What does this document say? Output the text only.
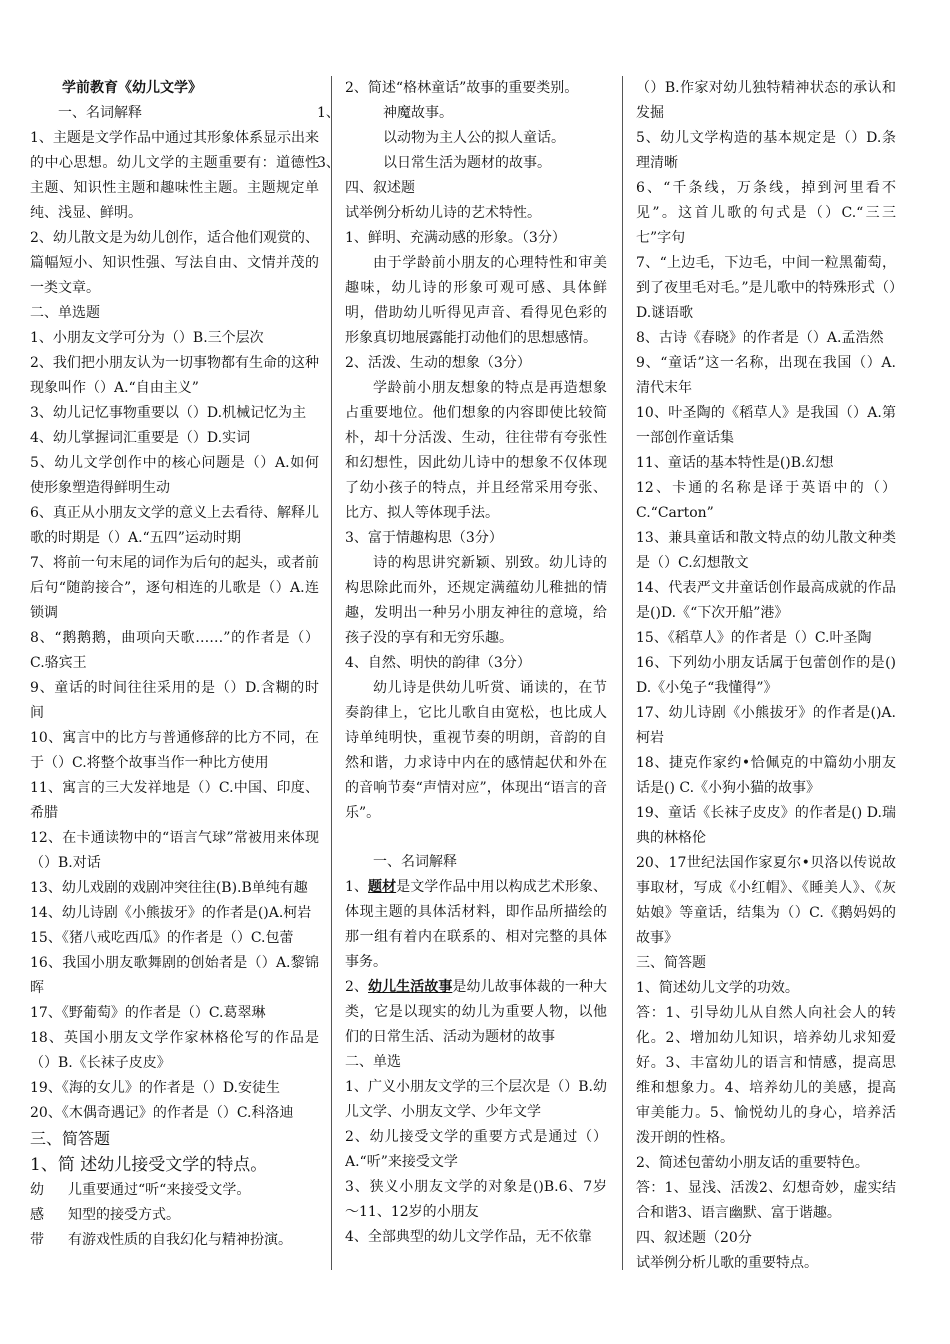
学前教育《幼儿文学》

一、名词解释

1、主题是文学作品中通过其形象体系显示出来的中心思想。幼儿文学的主题重要有：道德性主题、知识性主题和趣味性主题。主题规定单纯、浅显、鲜明。

2、幼儿散文是为幼儿创作，适合他们观赏的、篇幅短小、知识性强、写法自由、文情并茂的一类文章。

二、单选题

1、小朋友文学可分为（）B.三个层次

2、我们把小朋友认为一切事物都有生命的这种现象叫作（）A.“自由主义”

3、幼儿记忆事物重要以（）D.机械记忆为主

4、幼儿掌握词汇重要是（）D.实词

5、幼儿文学创作中的核心问题是（）A.如何使形象塑造得鲜明生动

6、真正从小朋友文学的意义上去看待、解释儿歌的时期是（）A.“五四”运动时期

7、将前一句末尾的词作为后句的起头，或者前后句“随韵接合”，逐句相连的儿歌是（）A.连锁调

8、“鹅鹅鹅，曲项向天歌……”的作者是（）C.骆宾王

9、童话的时间往往采用的是（）D.含糊的时间

10、寓言中的比方与普通修辞的比方不同，在于（）C.将整个故事当作一种比方使用

11、寓言的三大发祥地是（）C.中国、印度、希腊

12、在卡通读物中的“语言气球”常被用来体现（）B.对话

13、幼儿戏剧的戏剧冲突往往(B).B单纯有趣

14、幼儿诗剧《小熊拔牙》的作者是()A.柯岩

15、《猪八戒吃西瓜》的作者是（）C.包蕾

16、我国小朋友歌舞剧的创始者是（）A.黎锦晖

17、《野葡萄》的作者是（）C.葛翠琳

18、英国小朋友文学作家林格伦写的作品是（）B.《长袜子皮皮》

19、《海的女儿》的作者是（）D.安徒生

20、《木偶奇遇记》的作者是（）C.科洛迪

三、简答题

1、简 述幼儿接受文学的特点。

幼	儿重要通过“听“来接受文学。

感	知型的接受方式。

带	有游戏性质的自我幻化与精神扮演。

1、
3、

2、简述“格林童话”故事的重要类别。

神魔故事。

以动物为主人公的拟人童话。

以日常生活为题材的故事。

四、叙述题

试举例分析幼儿诗的艺术特性。

1、鲜明、充满动感的形象。（3分）

由于学龄前小朋友的心理特性和审美趣味，幼儿诗的形象可观可感、具体鲜明，借助幼儿听得见声音、看得见色彩的形象真切地展露能打动他们的思想感情。

2、活泼、生动的想象（3分）

学龄前小朋友想象的特点是再造想象占重要地位。他们想象的内容即使比较简朴，却十分活泼、生动，往往带有夸张性和幻想性，因此幼儿诗中的想象不仅体现了幼小孩子的特点，并且经常采用夸张、比方、拟人等体现手法。

3、富于情趣构思（3分）

诗的构思讲究新颖、别致。幼儿诗的构思除此而外，还规定满蕴幼儿稚拙的情趣，发明出一种另小朋友神往的意境，给孩子没的享有和无穷乐趣。

4、自然、明快的韵律（3分）

幼儿诗是供幼儿听赏、诵读的，在节奏韵律上，它比儿歌自由宽松，也比成人诗单纯明快，重视节奏的明朗，音韵的自然和谐，力求诗中内在的感情起伏和外在的音响节奏“声情对应”，体现出“语言的音乐”。

一、名词解释

1、题材是文学作品中用以构成艺术形象、体现主题的具体活材料，即作品所描绘的那一组有着内在联系的、相对完整的具体事务。

2、幼儿生活故事是幼儿故事体裁的一种大类，它是以现实的幼儿为重要人物，以他们的日常生活、活动为题材的故事

二、单选

1、广义小朋友文学的三个层次是（）B.幼儿文学、小朋友文学、少年文学

2、幼儿接受文学的重要方式是通过（）A.“听”来接受文学

3、狭义小朋友文学的对象是()B.6、7岁～11、12岁的小朋友

4、全部典型的幼儿文学作品，无不依靠

（）B.作家对幼儿独特精神状态的承认和发掘

5、幼儿文学构造的基本规定是（）D.条理清晰

6、“千条线，万条线，掉到河里看不见”。这首儿歌的句式是（）C.“三三七”字句

7、“上边毛，下边毛，中间一粒黑葡萄，到了夜里毛对毛。”是儿歌中的特殊形式（）D.谜语歌

8、古诗《春晓》的作者是（）A.孟浩然

9、“童话”这一名称，出现在我国（）A.清代末年

10、叶圣陶的《稻草人》是我国（）A.第一部创作童话集

11、童话的基本特性是()B.幻想

12、卡通的名称是译于英语中的（）C.“Carton”

13、兼具童话和散文特点的幼儿散文种类是（）C.幻想散文

14、代表严文井童话创作最高成就的作品是()D.《“下次开船”港》

15、《稻草人》的作者是（）C.叶圣陶

16、下列幼小朋友话属于包蕾创作的是() D.《小兔子“我懂得”》

17、幼儿诗剧《小熊拔牙》的作者是()A.柯岩

18、捷克作家约•恰佩克的中篇幼小朋友话是() C.《小狗小猫的故事》

19、童话《长袜子皮皮》的作者是() D.瑞典的林格伦

20、17世纪法国作家夏尔•贝洛以传说故事取材，写成《小红帽》、《睡美人》、《灰姑娘》等童话，结集为（）C.《鹅妈妈的故事》

三、简答题

1、简述幼儿文学的功效。

答：1、引导幼儿从自然人向社会人的转化。2、增加幼儿知识，培养幼儿求知爱好。3、丰富幼儿的语言和情感，提高思维和想象力。4、培养幼儿的美感，提高审美能力。5、愉悦幼儿的身心，培养活泼开朗的性格。

2、简述包蕾幼小朋友话的重要特色。

答：1、显浅、活泼2、幻想奇妙，虚实结合和谐3、语言幽默、富于谐趣。

四、叙述题（20分

试举例分析儿歌的重要特点。
